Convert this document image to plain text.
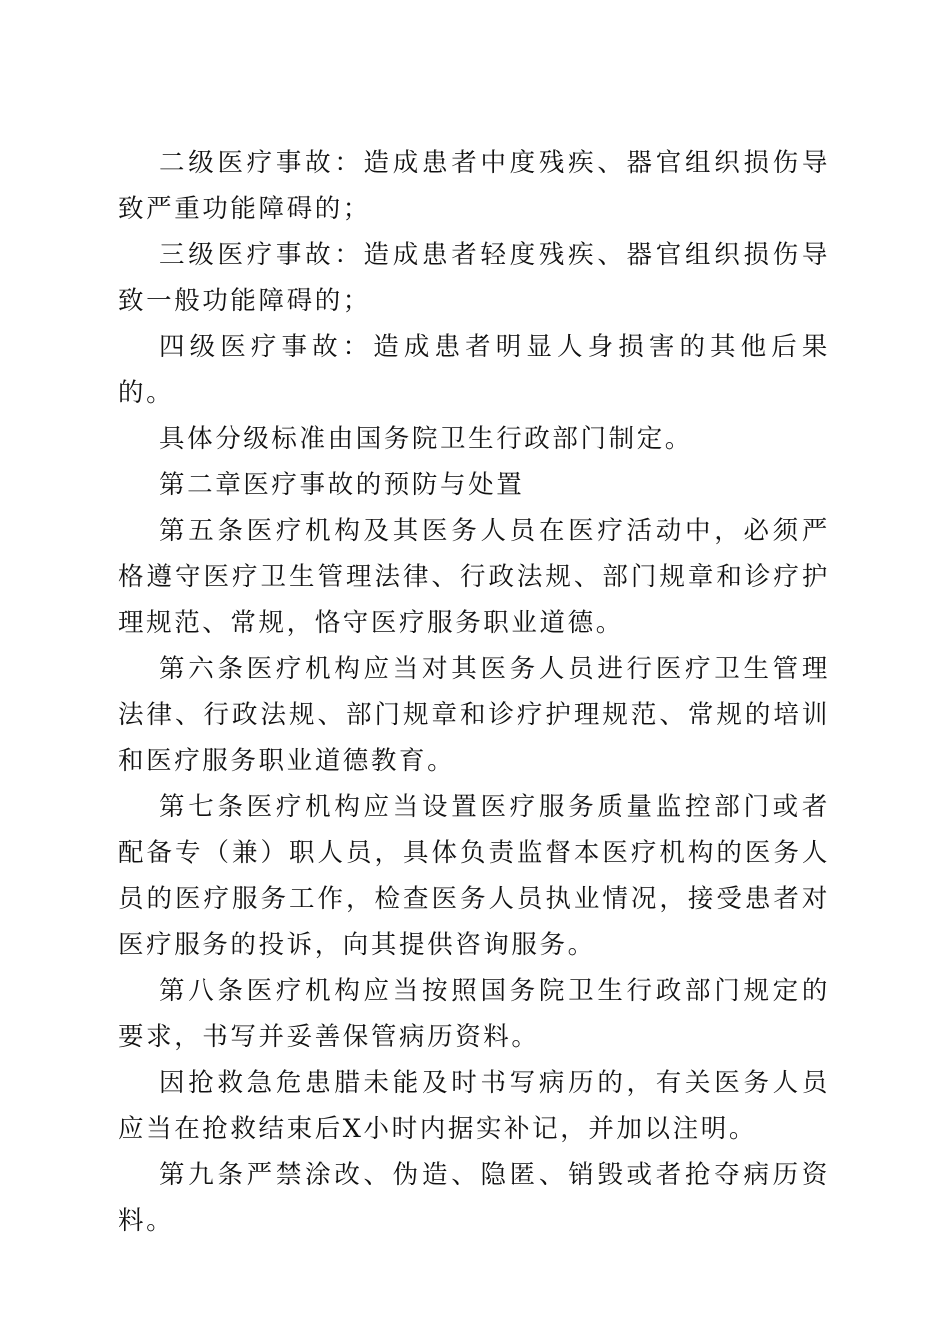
二级医疗事故：造成患者中度残疾、器官组织损伤导致严重功能障碍的；

三级医疗事故：造成患者轻度残疾、器官组织损伤导致一般功能障碍的；

四级医疗事故：造成患者明显人身损害的其他后果的。

具体分级标准由国务院卫生行政部门制定。

第二章医疗事故的预防与处置

第五条医疗机构及其医务人员在医疗活动中，必须严格遵守医疗卫生管理法律、行政法规、部门规章和诊疗护理规范、常规，恪守医疗服务职业道德。

第六条医疗机构应当对其医务人员进行医疗卫生管理法律、行政法规、部门规章和诊疗护理规范、常规的培训和医疗服务职业道德教育。

第七条医疗机构应当设置医疗服务质量监控部门或者配备专（兼）职人员，具体负责监督本医疗机构的医务人员的医疗服务工作，检查医务人员执业情况，接受患者对医疗服务的投诉，向其提供咨询服务。

第八条医疗机构应当按照国务院卫生行政部门规定的要求，书写并妥善保管病历资料。

因抢救急危患腊未能及时书写病历的，有关医务人员应当在抢救结束后X小时内据实补记，并加以注明。

第九条严禁涂改、伪造、隐匿、销毁或者抢夺病历资料。
